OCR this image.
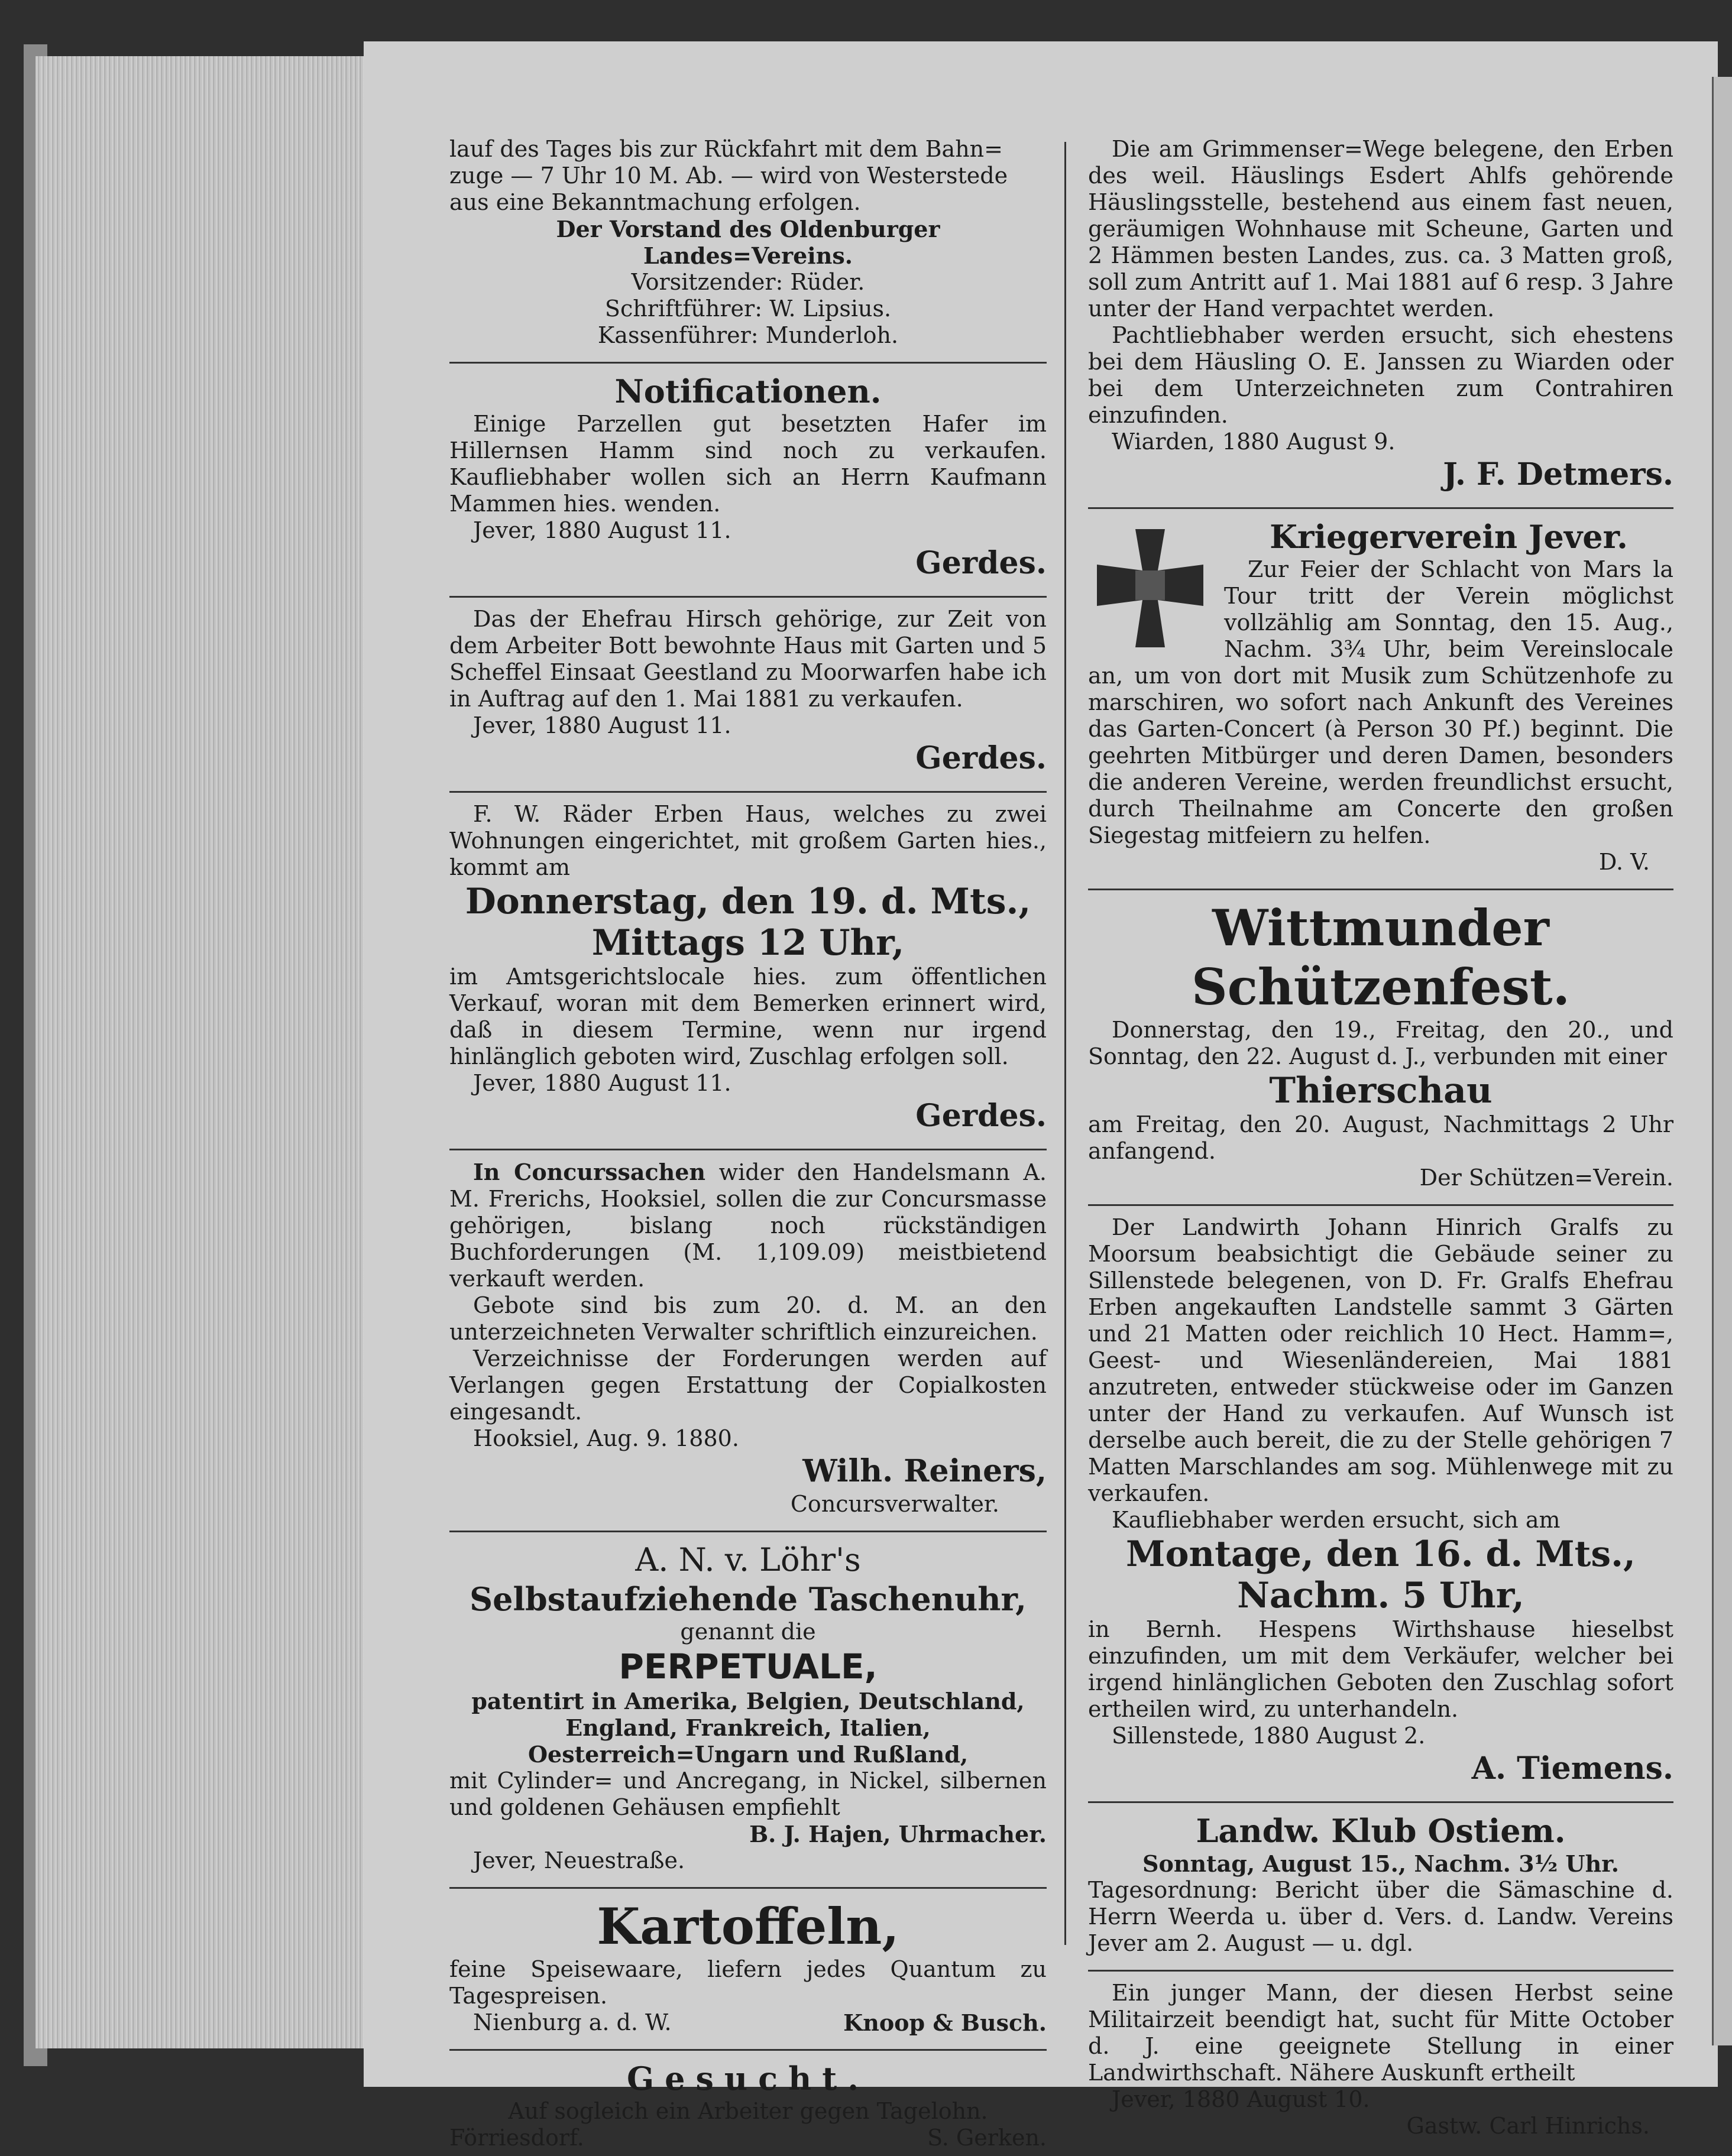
lauf des Tages bis zur Rückfahrt mit dem Bahn=

zuge — 7 Uhr 10 M. Ab. — wird von Westerstede

aus eine Bekanntmachung erfolgen.

Der Vorstand des Oldenburger Landes=Vereins.

Vorsitzender: Rüder.

Schriftführer: W. Lipsius.

Kassenführer: Munderloh.

Notificationen.

Einige Parzellen gut besetzten Hafer im Hillernsen Hamm sind noch zu verkaufen. Kaufliebhaber wollen sich an Herrn Kaufmann Mammen hies. wenden.

Jever, 1880 August 11.

Gerdes.

Das der Ehefrau Hirsch gehörige, zur Zeit von dem Arbeiter Bott bewohnte Haus mit Garten und 5 Scheffel Einsaat Geestland zu Moorwarfen habe ich in Auftrag auf den 1. Mai 1881 zu verkaufen.

Jever, 1880 August 11.

Gerdes.

F. W. Räder Erben Haus, welches zu zwei Wohnungen eingerichtet, mit großem Garten hies., kommt am

Donnerstag, den 19. d. Mts.,

Mittags 12 Uhr,

im Amtsgerichtslocale hies. zum öffentlichen Verkauf, woran mit dem Bemerken erinnert wird, daß in diesem Termine, wenn nur irgend hinlänglich geboten wird, Zuschlag erfolgen soll.

Jever, 1880 August 11.

Gerdes.

In Concurssachen wider den Handelsmann A. M. Frerichs, Hooksiel, sollen die zur Concursmasse gehörigen, bislang noch rückständigen Buchforderungen (M. 1,109.09) meistbietend verkauft werden.

Gebote sind bis zum 20. d. M. an den unterzeichneten Verwalter schriftlich einzureichen.

Verzeichnisse der Forderungen werden auf Verlangen gegen Erstattung der Copialkosten eingesandt.

Hooksiel, Aug. 9. 1880.

Wilh. Reiners,

Concursverwalter.

A. N. v. Löhr's

Selbstaufziehende Taschenuhr,

genannt die

PERPETUALE,

patentirt in Amerika, Belgien, Deutschland, England, Frankreich, Italien, Oesterreich=Ungarn und Rußland,

mit Cylinder= und Ancregang, in Nickel, silbernen und goldenen Gehäusen empfiehlt

B. J. Hajen, Uhrmacher.

Jever, Neuestraße.

Kartoffeln,

feine Speisewaare, liefern jedes Quantum zu Tagespreisen.

Nienburg a. d. W.	Knoop & Busch.

Gesucht.

Auf sogleich ein Arbeiter gegen Tagelohn.

Förriesdorf.	S. Gerken.

Die am Grimmenser=Wege belegene, den Erben des weil. Häuslings Esdert Ahlfs gehörende Häuslingsstelle, bestehend aus einem fast neuen, geräumigen Wohnhause mit Scheune, Garten und 2 Hämmen besten Landes, zus. ca. 3 Matten groß, soll zum Antritt auf 1. Mai 1881 auf 6 resp. 3 Jahre unter der Hand verpachtet werden.

Pachtliebhaber werden ersucht, sich ehestens bei dem Häusling O. E. Janssen zu Wiarden oder bei dem Unterzeichneten zum Contrahiren einzufinden.

Wiarden, 1880 August 9.

J. F. Detmers.

Kriegerverein Jever.

Zur Feier der Schlacht von Mars la Tour tritt der Verein möglichst vollzählig am Sonntag, den 15. Aug., Nachm. 3¾ Uhr, beim Vereinslocale an, um von dort mit Musik zum Schützenhofe zu marschiren, wo sofort nach Ankunft des Vereines das Garten-Concert (à Person 30 Pf.) beginnt. Die geehrten Mitbürger und deren Damen, besonders die anderen Vereine, werden freundlichst ersucht, durch Theilnahme am Concerte den großen Siegestag mitfeiern zu helfen.

D. V.

Wittmunder Schützenfest.

Donnerstag, den 19., Freitag, den 20., und Sonntag, den 22. August d. J., verbunden mit einer

Thierschau

am Freitag, den 20. August, Nachmittags 2 Uhr anfangend.

Der Schützen=Verein.

Der Landwirth Johann Hinrich Gralfs zu Moorsum beabsichtigt die Gebäude seiner zu Sillenstede belegenen, von D. Fr. Gralfs Ehefrau Erben angekauften Landstelle sammt 3 Gärten und 21 Matten oder reichlich 10 Hect. Hamm=, Geest- und Wiesenländereien, Mai 1881 anzutreten, entweder stückweise oder im Ganzen unter der Hand zu verkaufen. Auf Wunsch ist derselbe auch bereit, die zu der Stelle gehörigen 7 Matten Marschlandes am sog. Mühlenwege mit zu verkaufen.

Kaufliebhaber werden ersucht, sich am

Montage, den 16. d. Mts.,

Nachm. 5 Uhr,

in Bernh. Hespens Wirthshause hieselbst einzufinden, um mit dem Verkäufer, welcher bei irgend hinlänglichen Geboten den Zuschlag sofort ertheilen wird, zu unterhandeln.

Sillenstede, 1880 August 2.

A. Tiemens.

Landw. Klub Ostiem.

Sonntag, August 15., Nachm. 3½ Uhr.

Tagesordnung: Bericht über die Sämaschine d. Herrn Weerda u. über d. Vers. d. Landw. Vereins Jever am 2. August — u. dgl.

Ein junger Mann, der diesen Herbst seine Militairzeit beendigt hat, sucht für Mitte October d. J. eine geeignete Stellung in einer Landwirthschaft. Nähere Auskunft ertheilt

Jever, 1880 August 10.

Gastw. Carl Hinrichs.
